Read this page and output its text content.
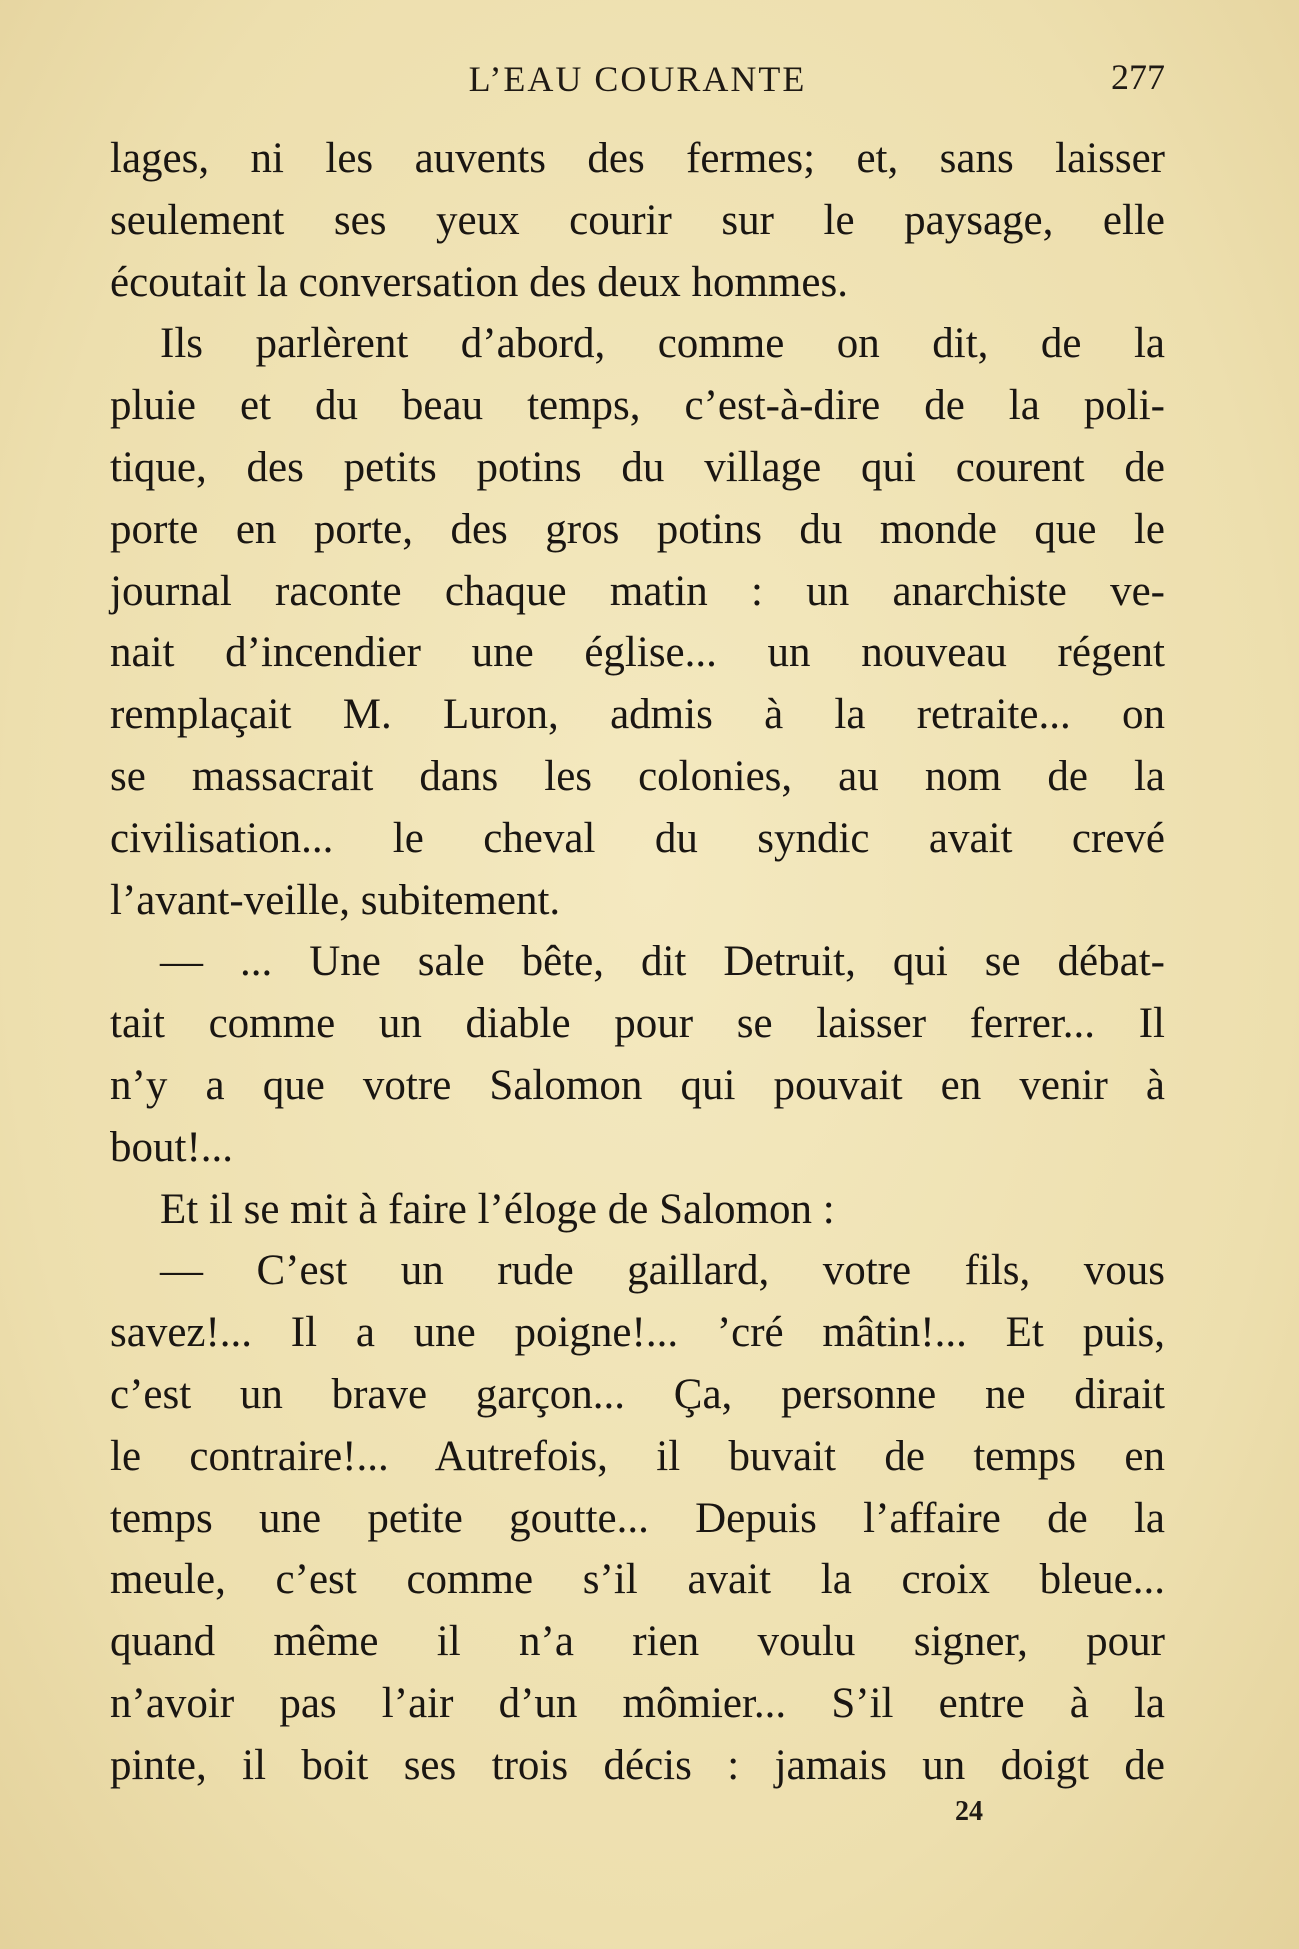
L’EAU COURANTE	277
lages, ni les auvents des fermes; et, sans laisser
seulement ses yeux courir sur le paysage, elle
écoutait la conversation des deux hommes.
Ils parlèrent d’abord, comme on dit, de la
pluie et du beau temps, c’est-à-dire de la poli-
tique, des petits potins du village qui courent de
porte en porte, des gros potins du monde que le
journal raconte chaque matin : un anarchiste ve-
nait d’incendier une église... un nouveau régent
remplaçait M. Luron, admis à la retraite... on
se massacrait dans les colonies, au nom de la
civilisation... le cheval du syndic avait crevé
l’avant-veille, subitement.
— ... Une sale bête, dit Detruit, qui se débat-
tait comme un diable pour se laisser ferrer... Il
n’y a que votre Salomon qui pouvait en venir à
bout!...
Et il se mit à faire l’éloge de Salomon :
— C’est un rude gaillard, votre fils, vous
savez!... Il a une poigne!... ’cré mâtin!... Et puis,
c’est un brave garçon... Ça, personne ne dirait
le contraire!... Autrefois, il buvait de temps en
temps une petite goutte... Depuis l’affaire de la
meule, c’est comme s’il avait la croix bleue...
quand même il n’a rien voulu signer, pour
n’avoir pas l’air d’un mômier... S’il entre à la
pinte, il boit ses trois décis : jamais un doigt de
24
